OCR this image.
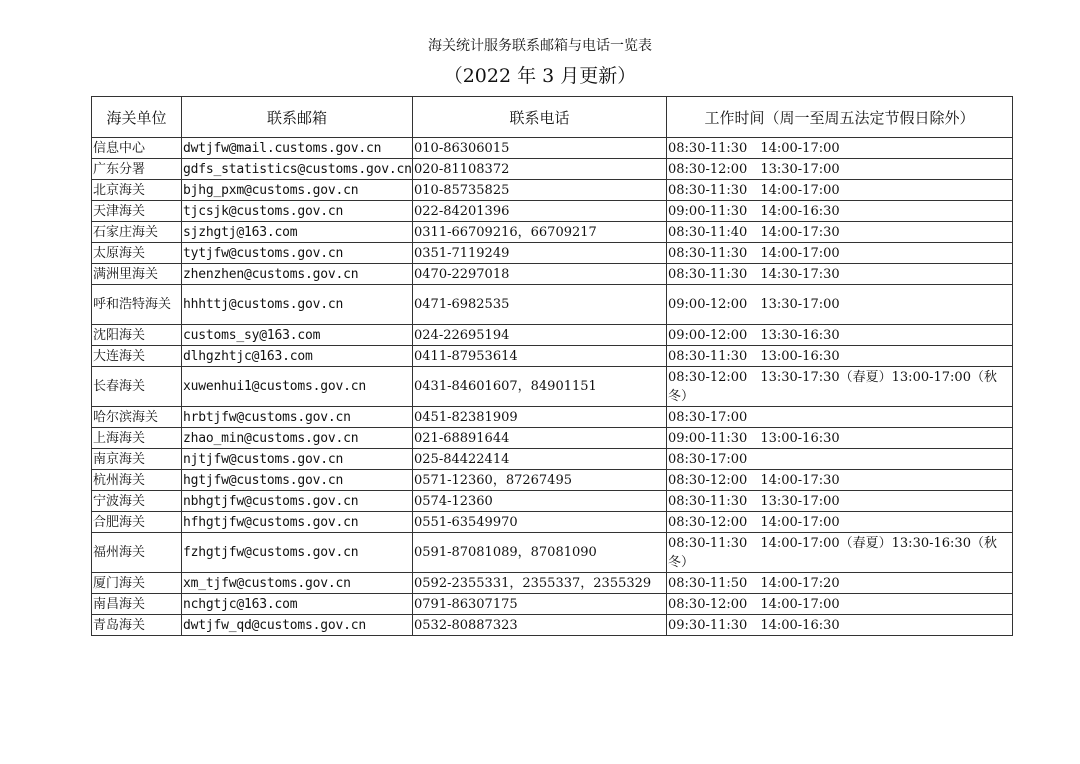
海关统计服务联系邮箱与电话一览表
（2022 年 3 月更新）
海关单位	联系邮箱	联系电话	工作时间（周一至周五法定节假日除外）
信息中心	dwtjfw@mail.customs.gov.cn	010-86306015	08:30-11:30　14:00-17:00
广东分署	gdfs_statistics@customs.gov.cn	020-81108372	08:30-12:00　13:30-17:00
北京海关	bjhg_pxm@customs.gov.cn	010-85735825	08:30-11:30　14:00-17:00
天津海关	tjcsjk@customs.gov.cn	022-84201396	09:00-11:30　14:00-16:30
石家庄海关	sjzhgtj@163.com	0311-66709216，66709217	08:30-11:40　14:00-17:30
太原海关	tytjfw@customs.gov.cn	0351-7119249	08:30-11:30　14:00-17:00
满洲里海关	zhenzhen@customs.gov.cn	0470-2297018	08:30-11:30　14:30-17:30
呼和浩特海关	hhhttj@customs.gov.cn	0471-6982535	09:00-12:00　13:30-17:00
沈阳海关	customs_sy@163.com	024-22695194	09:00-12:00　13:30-16:30
大连海关	dlhgzhtjc@163.com	0411-87953614	08:30-11:30　13:00-16:30
长春海关	xuwenhui1@customs.gov.cn	0431-84601607，84901151	08:30-12:00　13:30-17:30（春夏）13:00-17:00（秋冬）
哈尔滨海关	hrbtjfw@customs.gov.cn	0451-82381909	08:30-17:00
上海海关	zhao_min@customs.gov.cn	021-68891644	09:00-11:30　13:00-16:30
南京海关	njtjfw@customs.gov.cn	025-84422414	08:30-17:00
杭州海关	hgtjfw@customs.gov.cn	0571-12360，87267495	08:30-12:00　14:00-17:30
宁波海关	nbhgtjfw@customs.gov.cn	0574-12360	08:30-11:30　13:30-17:00
合肥海关	hfhgtjfw@customs.gov.cn	0551-63549970	08:30-12:00　14:00-17:00
福州海关	fzhgtjfw@customs.gov.cn	0591-87081089，87081090	08:30-11:30　14:00-17:00（春夏）13:30-16:30（秋冬）
厦门海关	xm_tjfw@customs.gov.cn	0592-2355331，2355337，2355329	08:30-11:50　14:00-17:20
南昌海关	nchgtjc@163.com	0791-86307175	08:30-12:00　14:00-17:00
青岛海关	dwtjfw_qd@customs.gov.cn	0532-80887323	09:30-11:30　14:00-16:30
